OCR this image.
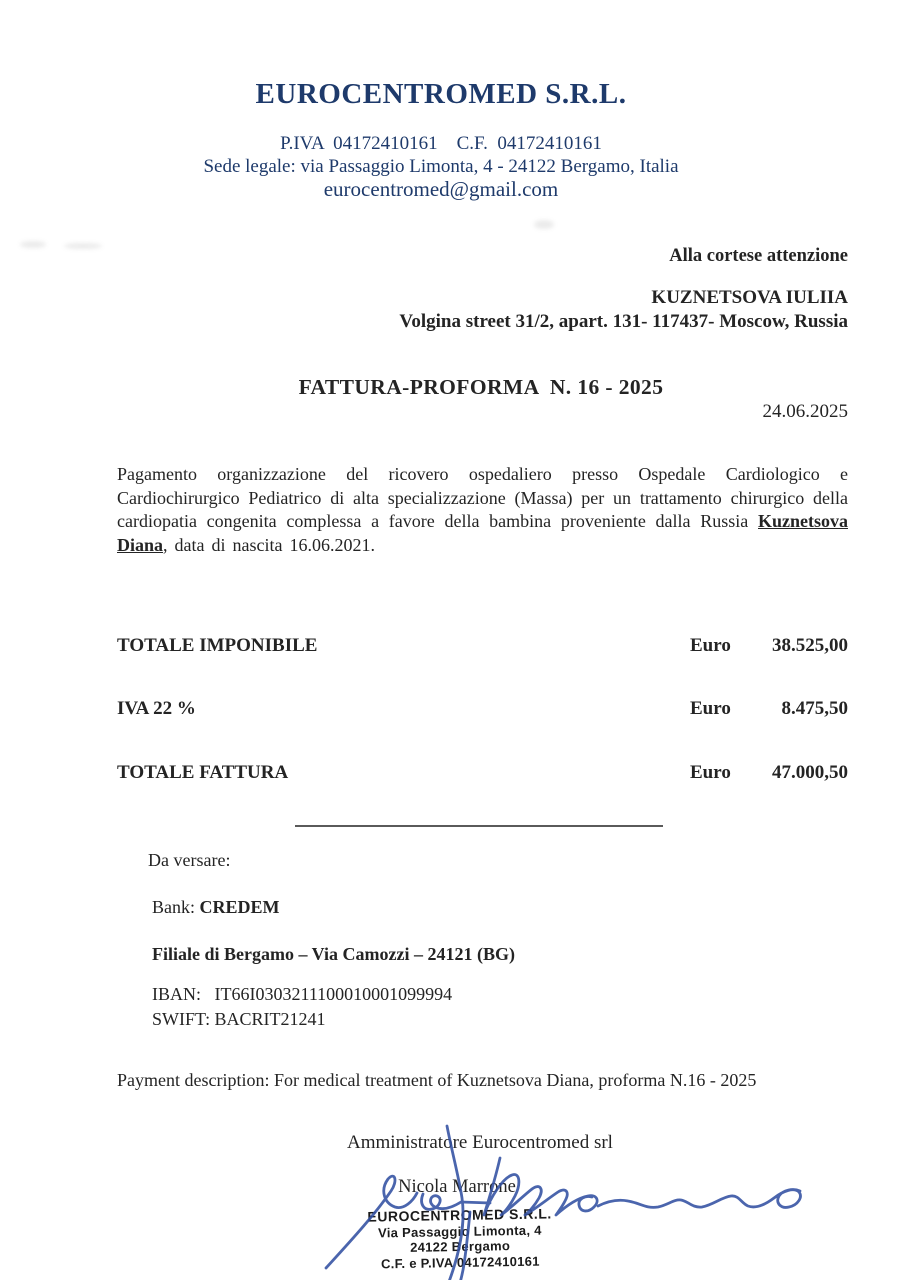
EUROCENTROMED S.R.L.
P.IVA  04172410161    C.F.  04172410161
Sede legale: via Passaggio Limonta, 4 - 24122 Bergamo, Italia
eurocentromed@gmail.com
Alla cortese attenzione
KUZNETSOVA IULIIA
Volgina street 31/2, apart. 131- 117437- Moscow, Russia
FATTURA-PROFORMA  N. 16 - 2025
24.06.2025
Pagamento organizzazione del ricovero ospedaliero presso Ospedale Cardiologico e Cardiochirurgico Pediatrico di alta specializzazione (Massa) per un trattamento chirurgico della cardiopatia congenita complessa a favore della bambina proveniente dalla Russia Kuznetsova Diana, data di nascita 16.06.2021.
TOTALE IMPONIBILE	Euro 38.525,00
IVA 22 %	Euro	8.475,50
TOTALE FATTURA	Euro 47.000,50
Da versare:
Bank: CREDEM
Filiale di Bergamo – Via Camozzi – 24121 (BG)
IBAN: IT66I0303211100010001099994
SWIFT: BACRIT21241
Payment description: For medical treatment of Kuznetsova Diana, proforma N.16 - 2025
Amministratore Eurocentromed srl
Nicola Marrone
EUROCENTROMED S.R.L.
Via Passaggio Limonta, 4
24122 Bergamo
C.F. e P.IVA 04172410161
